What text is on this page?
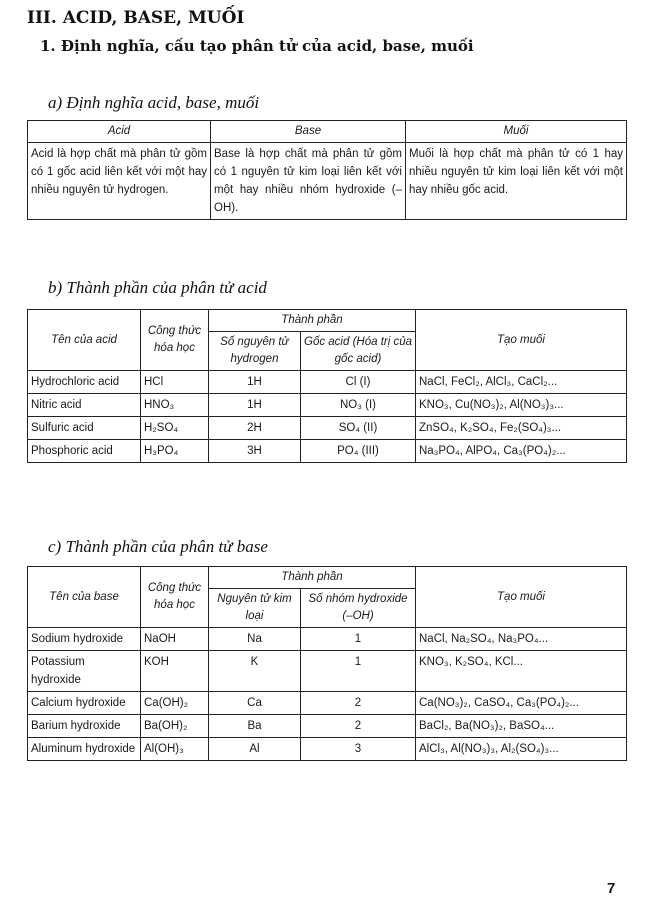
III. ACID, BASE, MUỐI
1. Định nghĩa, cấu tạo phân tử của acid, base, muối
a) Định nghĩa acid, base, muối
Acid	Base	Muối
Acid là hợp chất mà phân tử gồm có 1 gốc acid liên kết với một hay nhiều nguyên tử hydrogen.	Base là hợp chất mà phân tử gồm có 1 nguyên tử kim loại liên kết với một hay nhiều nhóm hydroxide (–OH).	Muối là hợp chất mà phân tử có 1 hay nhiều nguyên tử kim loại liên kết với một hay nhiều gốc acid.
b) Thành phần của phân tử acid
Tên của acid	Công thức hóa học	Thành phần		Tạo muối
		Số nguyên tử hydrogen	Gốc acid (Hóa trị của gốc acid)	
Hydrochloric acid	HCl	1H	Cl (I)	NaCl, FeCl₂, AlCl₃, CaCl₂...
Nitric acid	HNO₃	1H	NO₃ (I)	KNO₃, Cu(NO₃)₂, Al(NO₃)₃...
Sulfuric acid	H₂SO₄	2H	SO₄ (II)	ZnSO₄, K₂SO₄, Fe₂(SO₄)₃...
Phosphoric acid	H₃PO₄	3H	PO₄ (III)	Na₃PO₄, AlPO₄, Ca₃(PO₄)₂...
c) Thành phần của phân tử base
Tên của base	Công thức hóa học	Thành phần		Tạo muối
		Nguyên tử kim loại	Số nhóm hydroxide (–OH)	
Sodium hydroxide	NaOH	Na	1	NaCl, Na₂SO₄, Na₃PO₄...
Potassium hydroxide	KOH	K	1	KNO₃, K₂SO₄, KCl...
Calcium hydroxide	Ca(OH)₂	Ca	2	Ca(NO₃)₂, CaSO₄, Ca₃(PO₄)₂...
Barium hydroxide	Ba(OH)₂	Ba	2	BaCl₂, Ba(NO₃)₂, BaSO₄...
Aluminum hydroxide	Al(OH)₃	Al	3	AlCl₃, Al(NO₃)₃, Al₂(SO₄)₃...
7
